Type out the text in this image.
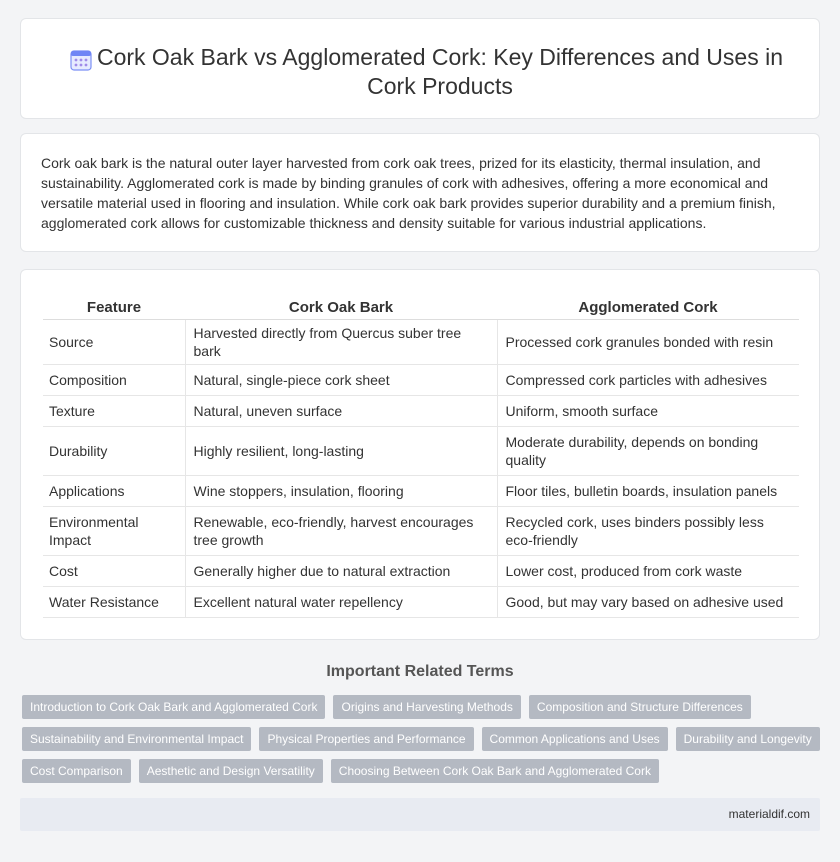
Cork Oak Bark vs Agglomerated Cork: Key Differences and Uses in Cork Products

Cork oak bark is the natural outer layer harvested from cork oak trees, prized for its elasticity, thermal insulation, and sustainability. Agglomerated cork is made by binding granules of cork with adhesives, offering a more economical and versatile material used in flooring and insulation. While cork oak bark provides superior durability and a premium finish, agglomerated cork allows for customizable thickness and density suitable for various industrial applications.

Feature	Cork Oak Bark	Agglomerated Cork
Source	Harvested directly from Quercus suber tree bark	Processed cork granules bonded with resin
Composition	Natural, single-piece cork sheet	Compressed cork particles with adhesives
Texture	Natural, uneven surface	Uniform, smooth surface
Durability	Highly resilient, long-lasting	Moderate durability, depends on bonding quality
Applications	Wine stoppers, insulation, flooring	Floor tiles, bulletin boards, insulation panels
Environmental Impact	Renewable, eco-friendly, harvest encourages tree growth	Recycled cork, uses binders possibly less eco-friendly
Cost	Generally higher due to natural extraction	Lower cost, produced from cork waste
Water Resistance	Excellent natural water repellency	Good, but may vary based on adhesive used
Important Related Terms
Introduction to Cork Oak Bark and Agglomerated Cork	Origins and Harvesting Methods	Composition and Structure Differences
Sustainability and Environmental Impact	Physical Properties and Performance	Common Applications and Uses	Durability and Longevity
Cost Comparison	Aesthetic and Design Versatility	Choosing Between Cork Oak Bark and Agglomerated Cork
materialdif.com
